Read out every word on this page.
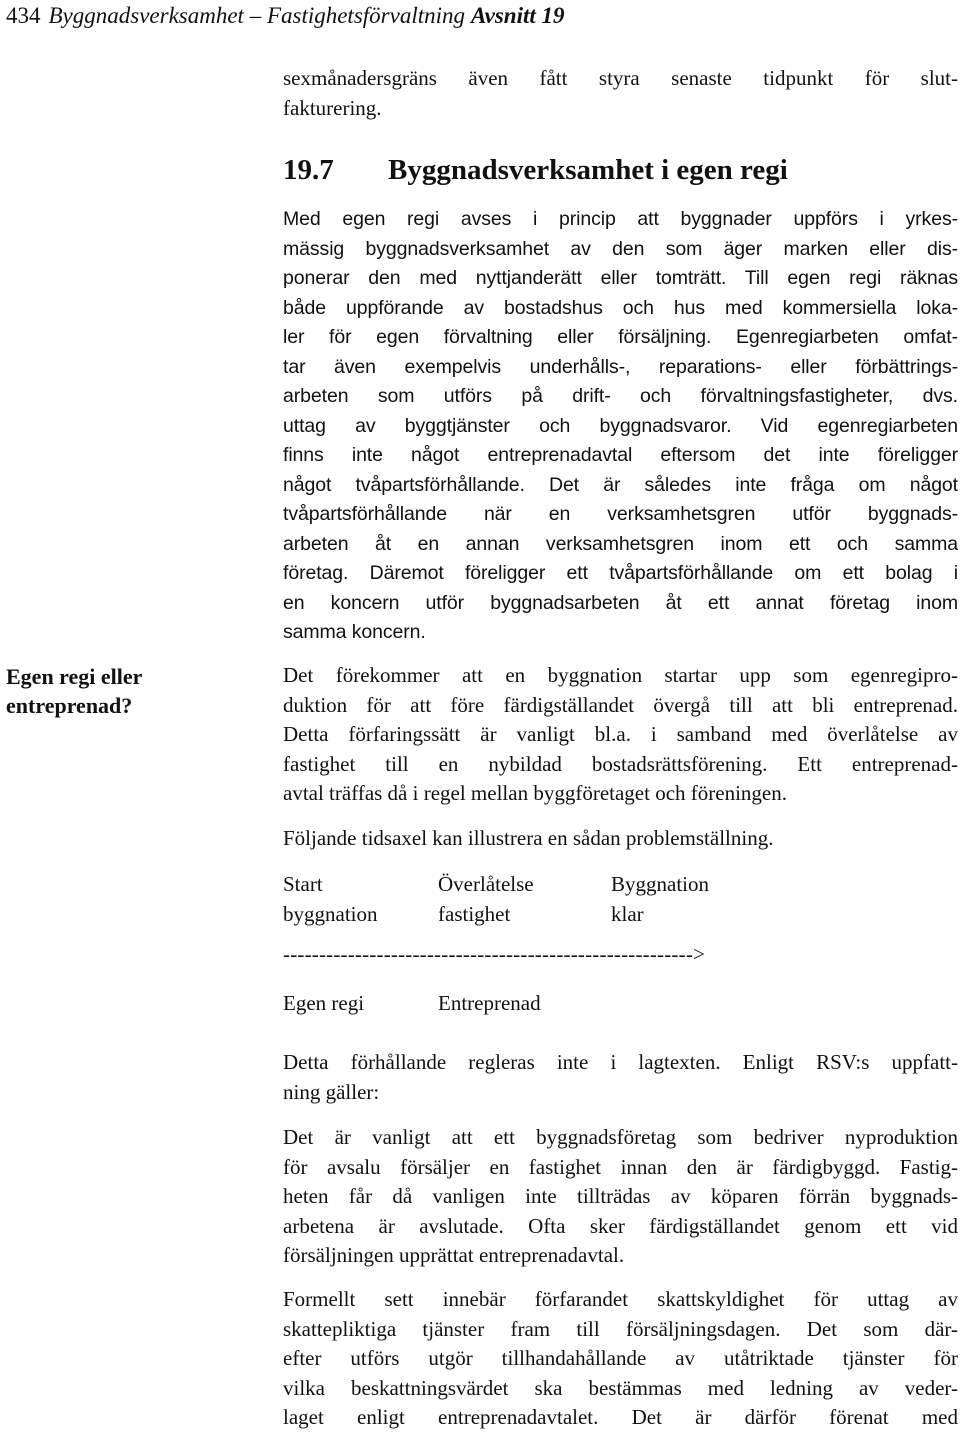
434 Byggnadsverksamhet – Fastighetsförvaltning Avsnitt 19
sexmånadersgräns även fått styra senaste tidpunkt för slut-
fakturering.
19.7 Byggnadsverksamhet i egen regi
Med egen regi avses i princip att byggnader uppförs i yrkes-
mässig byggnadsverksamhet av den som äger marken eller dis-
ponerar den med nyttjanderätt eller tomträtt. Till egen regi räknas
både uppförande av bostadshus och hus med kommersiella loka-
ler för egen förvaltning eller försäljning. Egenregiarbeten omfat-
tar även exempelvis underhålls-, reparations- eller förbättrings-
arbeten som utförs på drift- och förvaltningsfastigheter, dvs.
uttag av byggtjänster och byggnadsvaror. Vid egenregiarbeten
finns inte något entreprenadavtal eftersom det inte föreligger
något tvåpartsförhållande. Det är således inte fråga om något
tvåpartsförhållande när en verksamhetsgren utför byggnads-
arbeten åt en annan verksamhetsgren inom ett och samma
företag. Däremot föreligger ett tvåpartsförhållande om ett bolag i
en koncern utför byggnadsarbeten åt ett annat företag inom
samma koncern.
Egen regi eller
entreprenad?
Det förekommer att en byggnation startar upp som egenregipro-
duktion för att före färdigställandet övergå till att bli entreprenad.
Detta förfaringssätt är vanligt bl.a. i samband med överlåtelse av
fastighet till en nybildad bostadsrättsförening. Ett entreprenad-
avtal träffas då i regel mellan byggföretaget och föreningen.
Följande tidsaxel kan illustrera en sådan problemställning.
Start
byggnation
Överlåtelse
fastighet
Byggnation
klar
--------------------------------------------------------->
Egen regi	Entreprenad
Detta förhållande regleras inte i lagtexten. Enligt RSV:s uppfatt-
ning gäller:
Det är vanligt att ett byggnadsföretag som bedriver nyproduktion
för avsalu försäljer en fastighet innan den är färdigbyggd. Fastig-
heten får då vanligen inte tillträdas av köparen förrän byggnads-
arbetena är avslutade. Ofta sker färdigställandet genom ett vid
försäljningen upprättat entreprenadavtal.
Formellt sett innebär förfarandet skattskyldighet för uttag av
skattepliktiga tjänster fram till försäljningsdagen. Det som där-
efter utförs utgör tillhandahållande av utåtriktade tjänster för
vilka beskattningsvärdet ska bestämmas med ledning av veder-
laget enligt entreprenadavtalet. Det är därför förenat med
